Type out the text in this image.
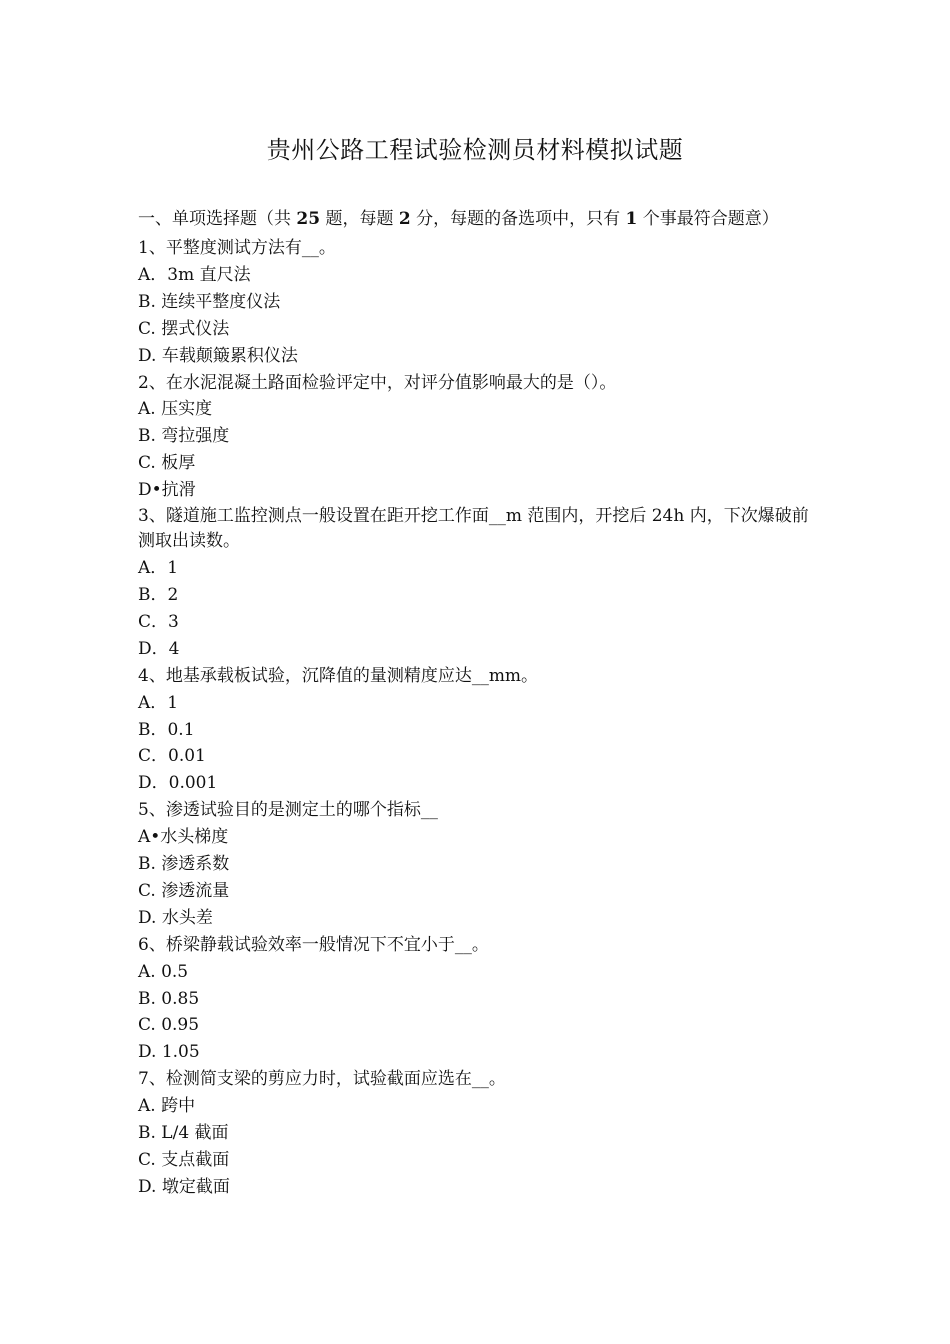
贵州公路工程试验检测员材料模拟试题

一、单项选择题（共 25 题，每题 2 分，每题的备选项中，只有 1 个事最符合题意）

1、平整度测试方法有__。

A．3m 直尺法

B. 连续平整度仪法

C. 摆式仪法

D. 车载颠簸累积仪法

2、在水泥混凝土路面检验评定中，对评分值影响最大的是（）。

A. 压实度

B. 弯拉强度

C. 板厚

D•抗滑

3、隧道施工监控测点一般设置在距开挖工作面__m 范围内，开挖后 24h 内，下次爆破前测取出读数。

A．1

B．2

C．3

D．4

4、地基承载板试验，沉降值的量测精度应达__mm。

A．1

B．0.1

C．0.01

D．0.001

5、渗透试验目的是测定土的哪个指标__

A•水头梯度

B. 渗透系数

C. 渗透流量

D. 水头差

6、桥梁静载试验效率一般情况下不宜小于__。

A. 0.5

B. 0.85

C. 0.95

D. 1.05

7、检测简支梁的剪应力时，试验截面应选在__。

A. 跨中

B. L/4 截面

C. 支点截面

D. 墩定截面
